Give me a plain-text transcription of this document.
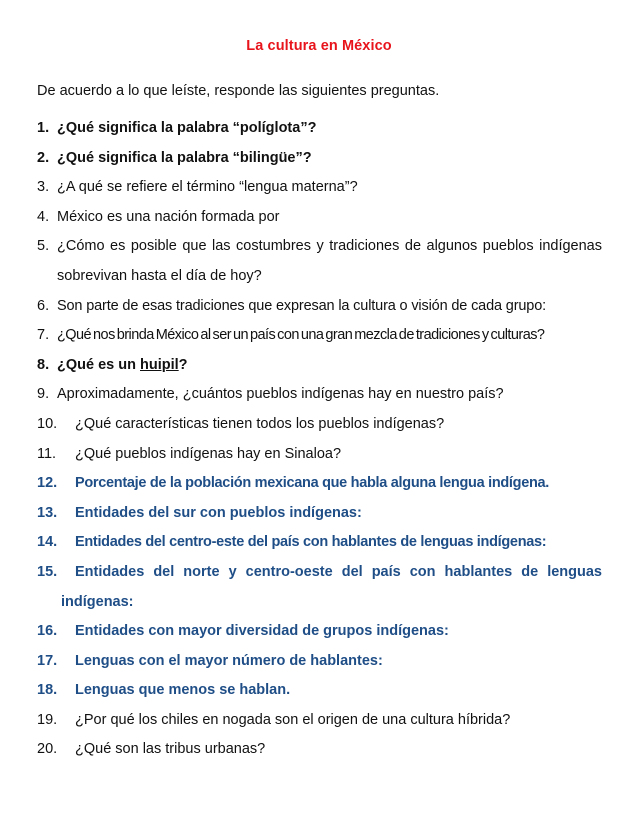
La cultura en México
De acuerdo a lo que leíste, responde las siguientes preguntas.
1. ¿Qué significa la palabra “políglota”?
2. ¿Qué significa la palabra “bilingüe”?
3. ¿A qué se refiere el término “lengua materna”?
4. México es una nación formada por
5. ¿Cómo es posible que las costumbres y tradiciones de algunos pueblos indígenas
sobrevivan hasta el día de hoy?
6. Son parte de esas tradiciones que expresan la cultura o visión de cada grupo:
7. ¿Qué nos brinda México al ser un país con una gran mezcla de tradiciones y culturas?
8. ¿Qué es un huipil?
9. Aproximadamente, ¿cuántos pueblos indígenas hay en nuestro país?
10.	¿Qué características tienen todos los pueblos indígenas?
11.	¿Qué pueblos indígenas hay en Sinaloa?
12.	Porcentaje de la población mexicana que habla alguna lengua indígena.
13.	Entidades del sur con pueblos indígenas:
14.	Entidades del centro-este del país con hablantes de lenguas indígenas:
15.	Entidades del norte y centro-oeste del país con hablantes de lenguas
indígenas:
16.	Entidades con mayor diversidad de grupos indígenas:
17.	Lenguas con el mayor número de hablantes:
18.	Lenguas que menos se hablan.
19.	¿Por qué los chiles en nogada son el origen de una cultura híbrida?
20.	¿Qué son las tribus urbanas?
